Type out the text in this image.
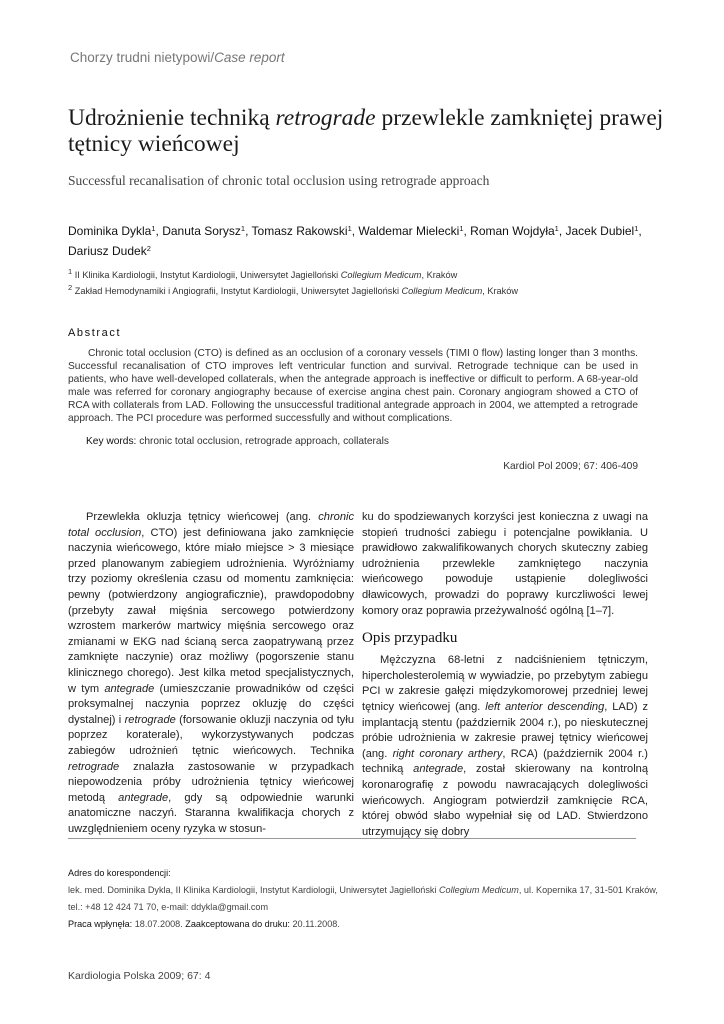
Chorzy trudni nietypowi/Case report
Udrożnienie techniką retrograde przewlekle zamkniętej prawej tętnicy wieńcowej
Successful recanalisation of chronic total occlusion using retrograde approach
Dominika Dykla$^1$, Danuta Sorysz$^1$, Tomasz Rakowski$^1$, Waldemar Mielecki$^1$, Roman Wojdyła$^1$, Jacek Dubiel$^1$, Dariusz Dudek$^2$
$^1$ II Klinika Kardiologii, Instytut Kardiologii, Uniwersytet Jagielloński Collegium Medicum, Kraków
$^2$ Zakład Hemodynamiki i Angiografii, Instytut Kardiologii, Uniwersytet Jagielloński Collegium Medicum, Kraków
Abstract
Chronic total occlusion (CTO) is defined as an occlusion of a coronary vessels (TIMI 0 flow) lasting longer than 3 months. Successful recanalisation of CTO improves left ventricular function and survival. Retrograde technique can be used in patients, who have well-developed collaterals, when the antegrade approach is ineffective or difficult to perform. A 68-year-old male was referred for coronary angiography because of exercise angina chest pain. Coronary angiogram showed a CTO of RCA with collaterals from LAD. Following the unsuccessful traditional antegrade approach in 2004, we attempted a retrograde approach. The PCI procedure was performed successfully and without complications.
Key words: chronic total occlusion, retrograde approach, collaterals
Kardiol Pol 2009; 67: 406-409

Przewlekła okluzja tętnicy wieńcowej (ang. chronic total occlusion, CTO) jest definiowana jako zamknięcie naczynia wieńcowego, które miało miejsce > 3 miesiące przed planowanym zabiegiem udrożnienia. Wyróżniamy trzy poziomy określenia czasu od momentu zamknięcia: pewny (potwierdzony angiograficznie), prawdopodobny (przebyty zawał mięśnia sercowego potwierdzony wzrostem markerów martwicy mięśnia sercowego oraz zmianami w EKG nad ścianą serca zaopatrywaną przez zamknięte naczynie) oraz możliwy (pogorszenie stanu klinicznego chorego). Jest kilka metod specjalistycznych, w tym antegrade (umieszczanie prowadników od części proksymalnej naczynia poprzez okluzję do części dystalnej) i retrograde (forsowanie okluzji naczynia od tyłu poprzez koraterale), wykorzystywanych podczas zabiegów udrożnień tętnic wieńcowych. Technika retrograde znalazła zastosowanie w przypadkach niepowodzenia próby udrożnienia tętnicy wieńcowej metodą antegrade, gdy są odpowiednie warunki anatomiczne naczyń. Staranna kwalifikacja chorych z uwzględnieniem oceny ryzyka w stosun-

ku do spodziewanych korzyści jest konieczna z uwagi na stopień trudności zabiegu i potencjalne powikłania. U prawidłowo zakwalifikowanych chorych skuteczny zabieg udrożnienia przewlekle zamkniętego naczynia wieńcowego powoduje ustąpienie dolegliwości dławicowych, prowadzi do poprawy kurczliwości lewej komory oraz poprawia przeżywalność ogólną [1–7].

Opis przypadku

Mężczyzna 68-letni z nadciśnieniem tętniczym, hipercholesterolemią w wywiadzie, po przebytym zabiegu PCI w zakresie gałęzi międzykomorowej przedniej lewej tętnicy wieńcowej (ang. left anterior descending, LAD) z implantacją stentu (październik 2004 r.), po nieskutecznej próbie udrożnienia w zakresie prawej tętnicy wieńcowej (ang. right coronary arthery, RCA) (październik 2004 r.) techniką antegrade, został skierowany na kontrolną koronarografię z powodu nawracających dolegliwości wieńcowych. Angiogram potwierdził zamknięcie RCA, której obwód słabo wypełniał się od LAD. Stwierdzono utrzymujący się dobry

Adres do korespondencji:
lek. med. Dominika Dykla, II Klinika Kardiologii, Instytut Kardiologii, Uniwersytet Jagielloński Collegium Medicum, ul. Kopernika 17, 31-501 Kraków,
tel.: +48 12 424 71 70, e-mail: ddykla@gmail.com
Praca wpłynęła: 18.07.2008. Zaakceptowana do druku: 20.11.2008.
Kardiologia Polska 2009; 67: 4
